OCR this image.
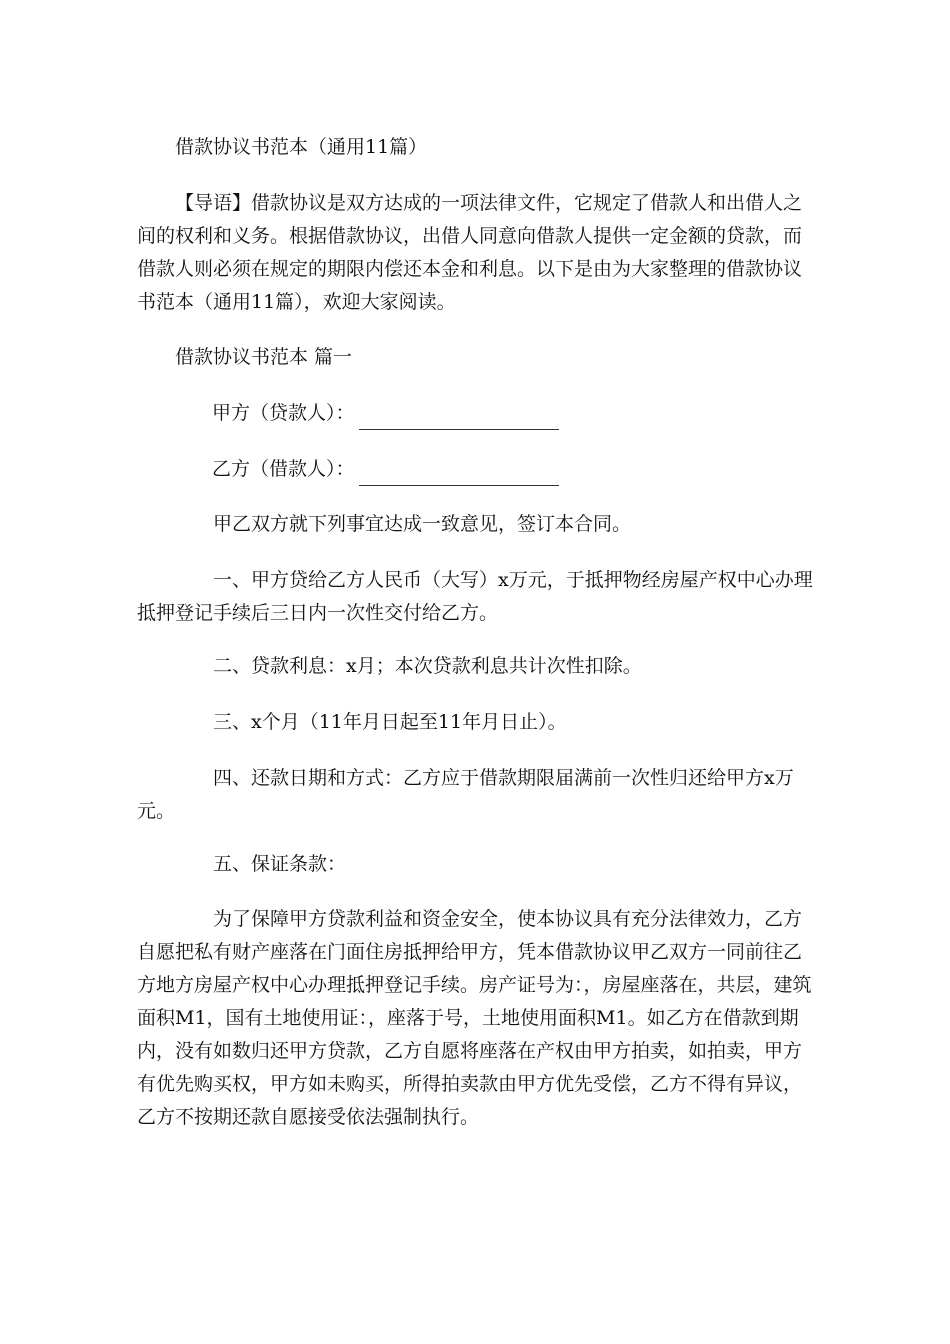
借款协议书范本（通用11篇）

【导语】借款协议是双方达成的一项法律文件，它规定了借款人和出借人之间的权利和义务。根据借款协议，出借人同意向借款人提供一定金额的贷款，而借款人则必须在规定的期限内偿还本金和利息。以下是由为大家整理的借款协议书范本（通用11篇），欢迎大家阅读。

借款协议书范本 篇一

甲方（贷款人）：

乙方（借款人）：

甲乙双方就下列事宜达成一致意见，签订本合同。

一、甲方贷给乙方人民币（大写）x万元，于抵押物经房屋产权中心办理抵押登记手续后三日内一次性交付给乙方。

二、贷款利息：x月；本次贷款利息共计次性扣除。

三、x个月（11年月日起至11年月日止）。

四、还款日期和方式：乙方应于借款期限届满前一次性归还给甲方x万元。

五、保证条款：

为了保障甲方贷款利益和资金安全，使本协议具有充分法律效力，乙方自愿把私有财产座落在门面住房抵押给甲方，凭本借款协议甲乙双方一同前往乙方地方房屋产权中心办理抵押登记手续。房产证号为：，房屋座落在，共层，建筑面积M1，国有土地使用证：，座落于号，土地使用面积M1。如乙方在借款到期内，没有如数归还甲方贷款，乙方自愿将座落在产权由甲方拍卖，如拍卖，甲方有优先购买权，甲方如未购买，所得拍卖款由甲方优先受偿，乙方不得有异议，乙方不按期还款自愿接受依法强制执行。
